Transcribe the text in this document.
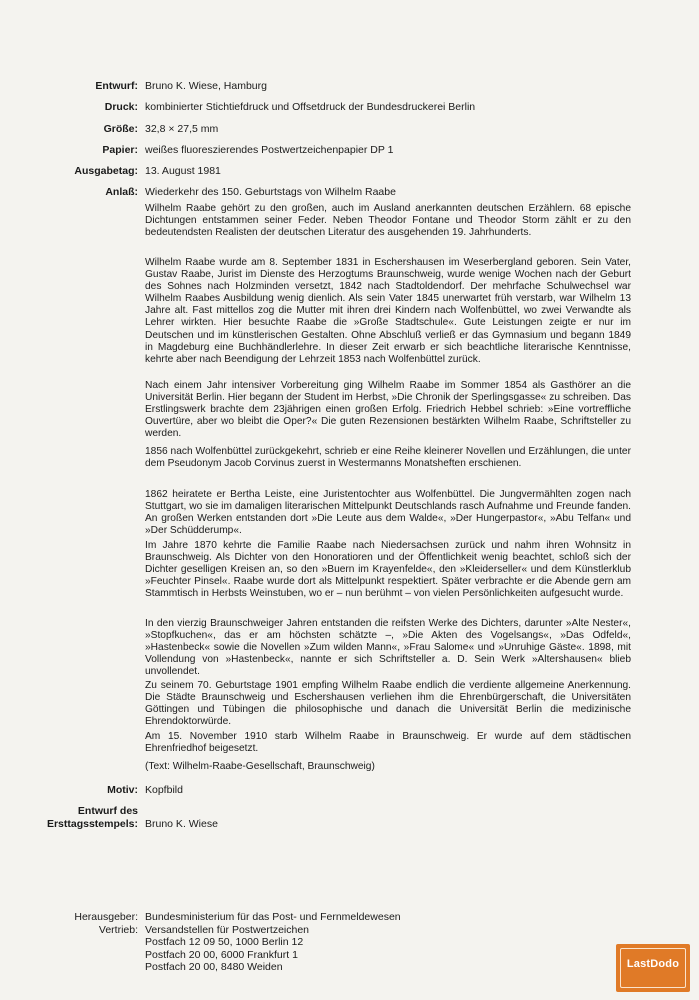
Entwurf: Bruno K. Wiese, Hamburg
Druck: kombinierter Stichtiefdruck und Offsetdruck der Bundesdruckerei Berlin
Größe: 32,8 × 27,5 mm
Papier: weißes fluoreszierendes Postwertzeichenpapier DP 1
Ausgabetag: 13. August 1981
Anlaß: Wiederkehr des 150. Geburtstags von Wilhelm Raabe

Wilhelm Raabe gehört zu den großen, auch im Ausland anerkannten deutschen Erzählern. 68 epische Dichtungen entstammen seiner Feder. Neben Theodor Fontane und Theodor Storm zählt er zu den bedeutendsten Realisten der deutschen Literatur des ausgehenden 19. Jahrhunderts.

Wilhelm Raabe wurde am 8. September 1831 in Eschershausen im Weserbergland geboren. Sein Vater, Gustav Raabe, Jurist im Dienste des Herzogtums Braunschweig, wurde wenige Wochen nach der Geburt des Sohnes nach Holzminden versetzt, 1842 nach Stadtoldendorf. Der mehrfache Schulwechsel war Wilhelm Raabes Ausbildung wenig dienlich. Als sein Vater 1845 unerwartet früh verstarb, war Wilhelm 13 Jahre alt. Fast mittellos zog die Mutter mit ihren drei Kindern nach Wolfenbüttel, wo zwei Verwandte als Lehrer wirkten. Hier besuchte Raabe die »Große Stadtschule«. Gute Leistungen zeigte er nur im Deutschen und im künstlerischen Gestalten. Ohne Abschluß verließ er das Gymnasium und begann 1849 in Magdeburg eine Buchhändlerlehre. In dieser Zeit erwarb er sich beachtliche literarische Kenntnisse, kehrte aber nach Beendigung der Lehrzeit 1853 nach Wolfenbüttel zurück.

Nach einem Jahr intensiver Vorbereitung ging Wilhelm Raabe im Sommer 1854 als Gasthörer an die Universität Berlin. Hier begann der Student im Herbst, »Die Chronik der Sperlingsgasse« zu schreiben. Das Erstlingswerk brachte dem 23jährigen einen großen Erfolg. Friedrich Hebbel schrieb: »Eine vortreffliche Ouvertüre, aber wo bleibt die Oper?« Die guten Rezensionen bestärkten Wilhelm Raabe, Schriftsteller zu werden.

1856 nach Wolfenbüttel zurückgekehrt, schrieb er eine Reihe kleinerer Novellen und Erzählungen, die unter dem Pseudonym Jacob Corvinus zuerst in Westermanns Monatsheften erschienen.

1862 heiratete er Bertha Leiste, eine Juristentochter aus Wolfenbüttel. Die Jungvermählten zogen nach Stuttgart, wo sie im damaligen literarischen Mittelpunkt Deutschlands rasch Aufnahme und Freunde fanden. An großen Werken entstanden dort »Die Leute aus dem Walde«, »Der Hungerpastor«, »Abu Telfan« und »Der Schüdderump«.

Im Jahre 1870 kehrte die Familie Raabe nach Niedersachsen zurück und nahm ihren Wohnsitz in Braunschweig. Als Dichter von den Honoratioren und der Öffentlichkeit wenig beachtet, schloß sich der Dichter geselligen Kreisen an, so den »Buern im Krayenfelde«, den »Kleiderseller« und dem Künstlerklub »Feuchter Pinsel«. Raabe wurde dort als Mittelpunkt respektiert. Später verbrachte er die Abende gern am Stammtisch in Herbsts Weinstuben, wo er – nun berühmt – von vielen Persönlichkeiten aufgesucht wurde.

In den vierzig Braunschweiger Jahren entstanden die reifsten Werke des Dichters, darunter »Alte Nester«, »Stopfkuchen«, das er am höchsten schätzte –, »Die Akten des Vogelsangs«, »Das Odfeld«, »Hastenbeck« sowie die Novellen »Zum wilden Mann«, »Frau Salome« und »Unruhige Gäste«. 1898, mit Vollendung von »Hastenbeck«, nannte er sich Schriftsteller a. D. Sein Werk »Altershausen« blieb unvollendet.

Zu seinem 70. Geburtstage 1901 empfing Wilhelm Raabe endlich die verdiente allgemeine Anerkennung. Die Städte Braunschweig und Eschershausen verliehen ihm die Ehrenbürgerschaft, die Universitäten Göttingen und Tübingen die philosophische und danach die Universität Berlin die medizinische Ehrendoktorwürde.

Am 15. November 1910 starb Wilhelm Raabe in Braunschweig. Er wurde auf dem städtischen Ehrenfriedhof beigesetzt.

(Text: Wilhelm-Raabe-Gesellschaft, Braunschweig)

Motiv: Kopfbild
Entwurf des
Ersttagsstempels: Bruno K. Wiese
Herausgeber:
Vertrieb:
Bundesministerium für das Post- und Fernmeldewesen
Versandstellen für Postwertzeichen
Postfach 12 09 50, 1000 Berlin 12
Postfach 20 00, 6000 Frankfurt 1
Postfach 20 00, 8480 Weiden	LastDodo
